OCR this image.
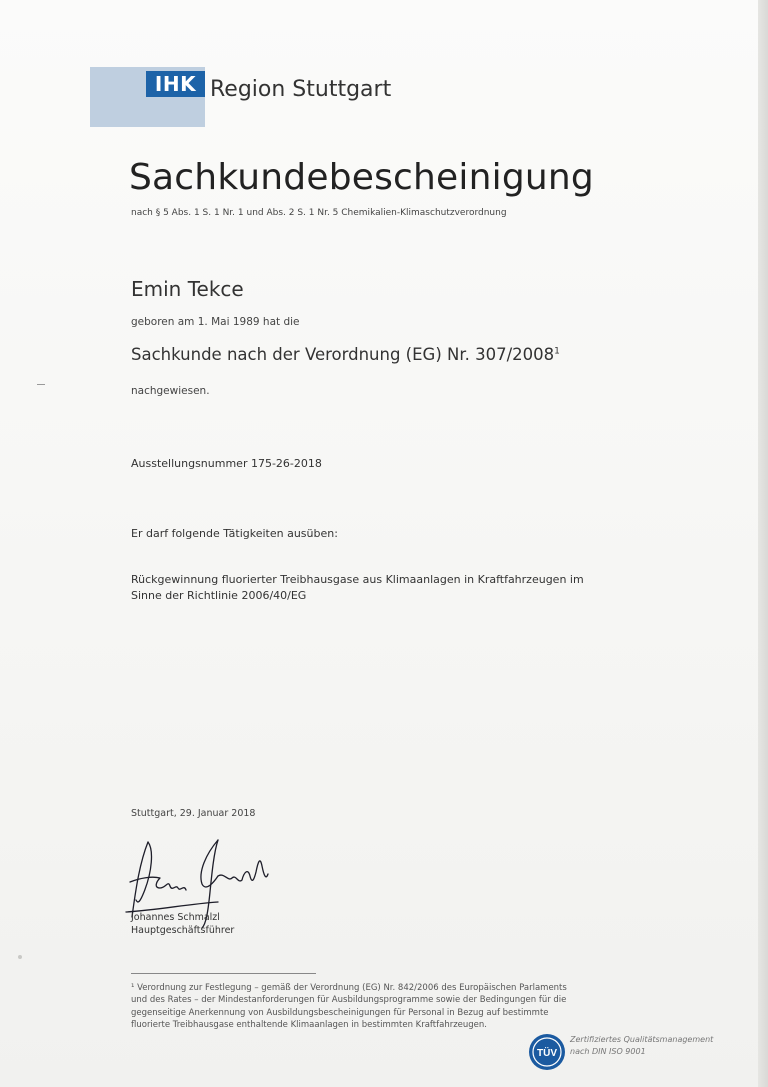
IHK Region Stuttgart
Sachkundebescheinigung
nach § 5 Abs. 1 S. 1 Nr. 1 und Abs. 2 S. 1 Nr. 5 Chemikalien-Klimaschutzverordnung
Emin Tekce
geboren am 1. Mai 1989 hat die
Sachkunde nach der Verordnung (EG) Nr. 307/2008$^1$
nachgewiesen.
Ausstellungsnummer 175-26-2018
Er darf folgende Tätigkeiten ausüben:
Rückgewinnung fluorierter Treibhausgase aus Klimaanlagen in Kraftfahrzeugen im Sinne der Richtlinie 2006/40/EG
Stuttgart, 29. Januar 2018
Johannes Schmalzl
Hauptgeschäftsführer
¹ Verordnung zur Festlegung – gemäß der Verordnung (EG) Nr. 842/2006 des Europäischen Parlaments und des Rates – der Mindestanforderungen für Ausbildungsprogramme sowie der Bedingungen für die gegenseitige Anerkennung von Ausbildungsbescheinigungen für Personal in Bezug auf bestimmte fluorierte Treibhausgase enthaltende Klimaanlagen in bestimmten Kraftfahrzeugen.
TÜV
Zertifiziertes Qualitätsmanagement
nach DIN ISO 9001
